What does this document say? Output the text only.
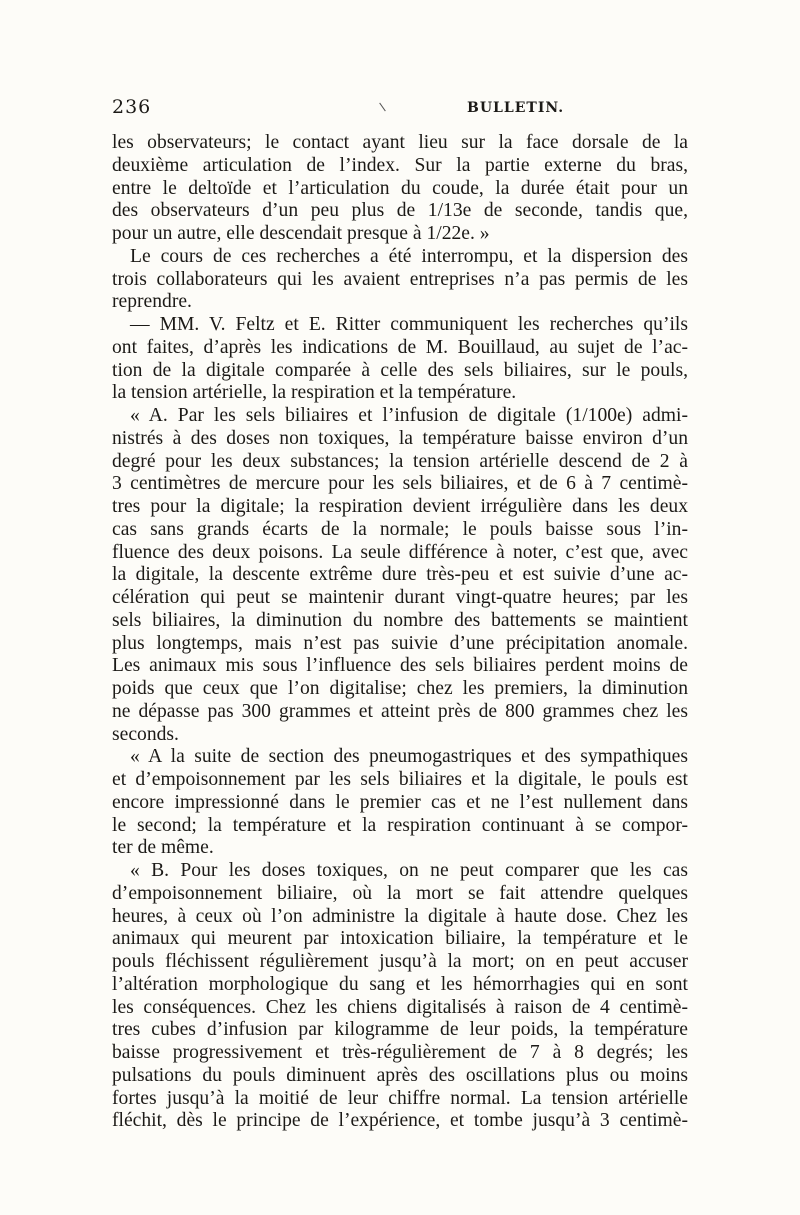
236	BULLETIN.
les observateurs; le contact ayant lieu sur la face dorsale de la
deuxième articulation de l’index. Sur la partie externe du bras,
entre le deltoïde et l’articulation du coude, la durée était pour un
des observateurs d’un peu plus de 1/13e de seconde, tandis que,
pour un autre, elle descendait presque à 1/22e. »
Le cours de ces recherches a été interrompu, et la dispersion des
trois collaborateurs qui les avaient entreprises n’a pas permis de les
reprendre.
— MM. V. Feltz et E. Ritter communiquent les recherches qu’ils
ont faites, d’après les indications de M. Bouillaud, au sujet de l’ac-
tion de la digitale comparée à celle des sels biliaires, sur le pouls,
la tension artérielle, la respiration et la température.
« A. Par les sels biliaires et l’infusion de digitale (1/100e) admi-
nistrés à des doses non toxiques, la température baisse environ d’un
degré pour les deux substances; la tension artérielle descend de 2 à
3 centimètres de mercure pour les sels biliaires, et de 6 à 7 centimè-
tres pour la digitale; la respiration devient irrégulière dans les deux
cas sans grands écarts de la normale; le pouls baisse sous l’in-
fluence des deux poisons. La seule différence à noter, c’est que, avec
la digitale, la descente extrême dure très-peu et est suivie d’une ac-
célération qui peut se maintenir durant vingt-quatre heures; par les
sels biliaires, la diminution du nombre des battements se maintient
plus longtemps, mais n’est pas suivie d’une précipitation anomale.
Les animaux mis sous l’influence des sels biliaires perdent moins de
poids que ceux que l’on digitalise; chez les premiers, la diminution
ne dépasse pas 300 grammes et atteint près de 800 grammes chez les
seconds.
« A la suite de section des pneumogastriques et des sympathiques
et d’empoisonnement par les sels biliaires et la digitale, le pouls est
encore impressionné dans le premier cas et ne l’est nullement dans
le second; la température et la respiration continuant à se compor-
ter de même.
« B. Pour les doses toxiques, on ne peut comparer que les cas
d’empoisonnement biliaire, où la mort se fait attendre quelques
heures, à ceux où l’on administre la digitale à haute dose. Chez les
animaux qui meurent par intoxication biliaire, la température et le
pouls fléchissent régulièrement jusqu’à la mort; on en peut accuser
l’altération morphologique du sang et les hémorrhagies qui en sont
les conséquences. Chez les chiens digitalisés à raison de 4 centimè-
tres cubes d’infusion par kilogramme de leur poids, la température
baisse progressivement et très-régulièrement de 7 à 8 degrés; les
pulsations du pouls diminuent après des oscillations plus ou moins
fortes jusqu’à la moitié de leur chiffre normal. La tension artérielle
fléchit, dès le principe de l’expérience, et tombe jusqu’à 3 centimè-
